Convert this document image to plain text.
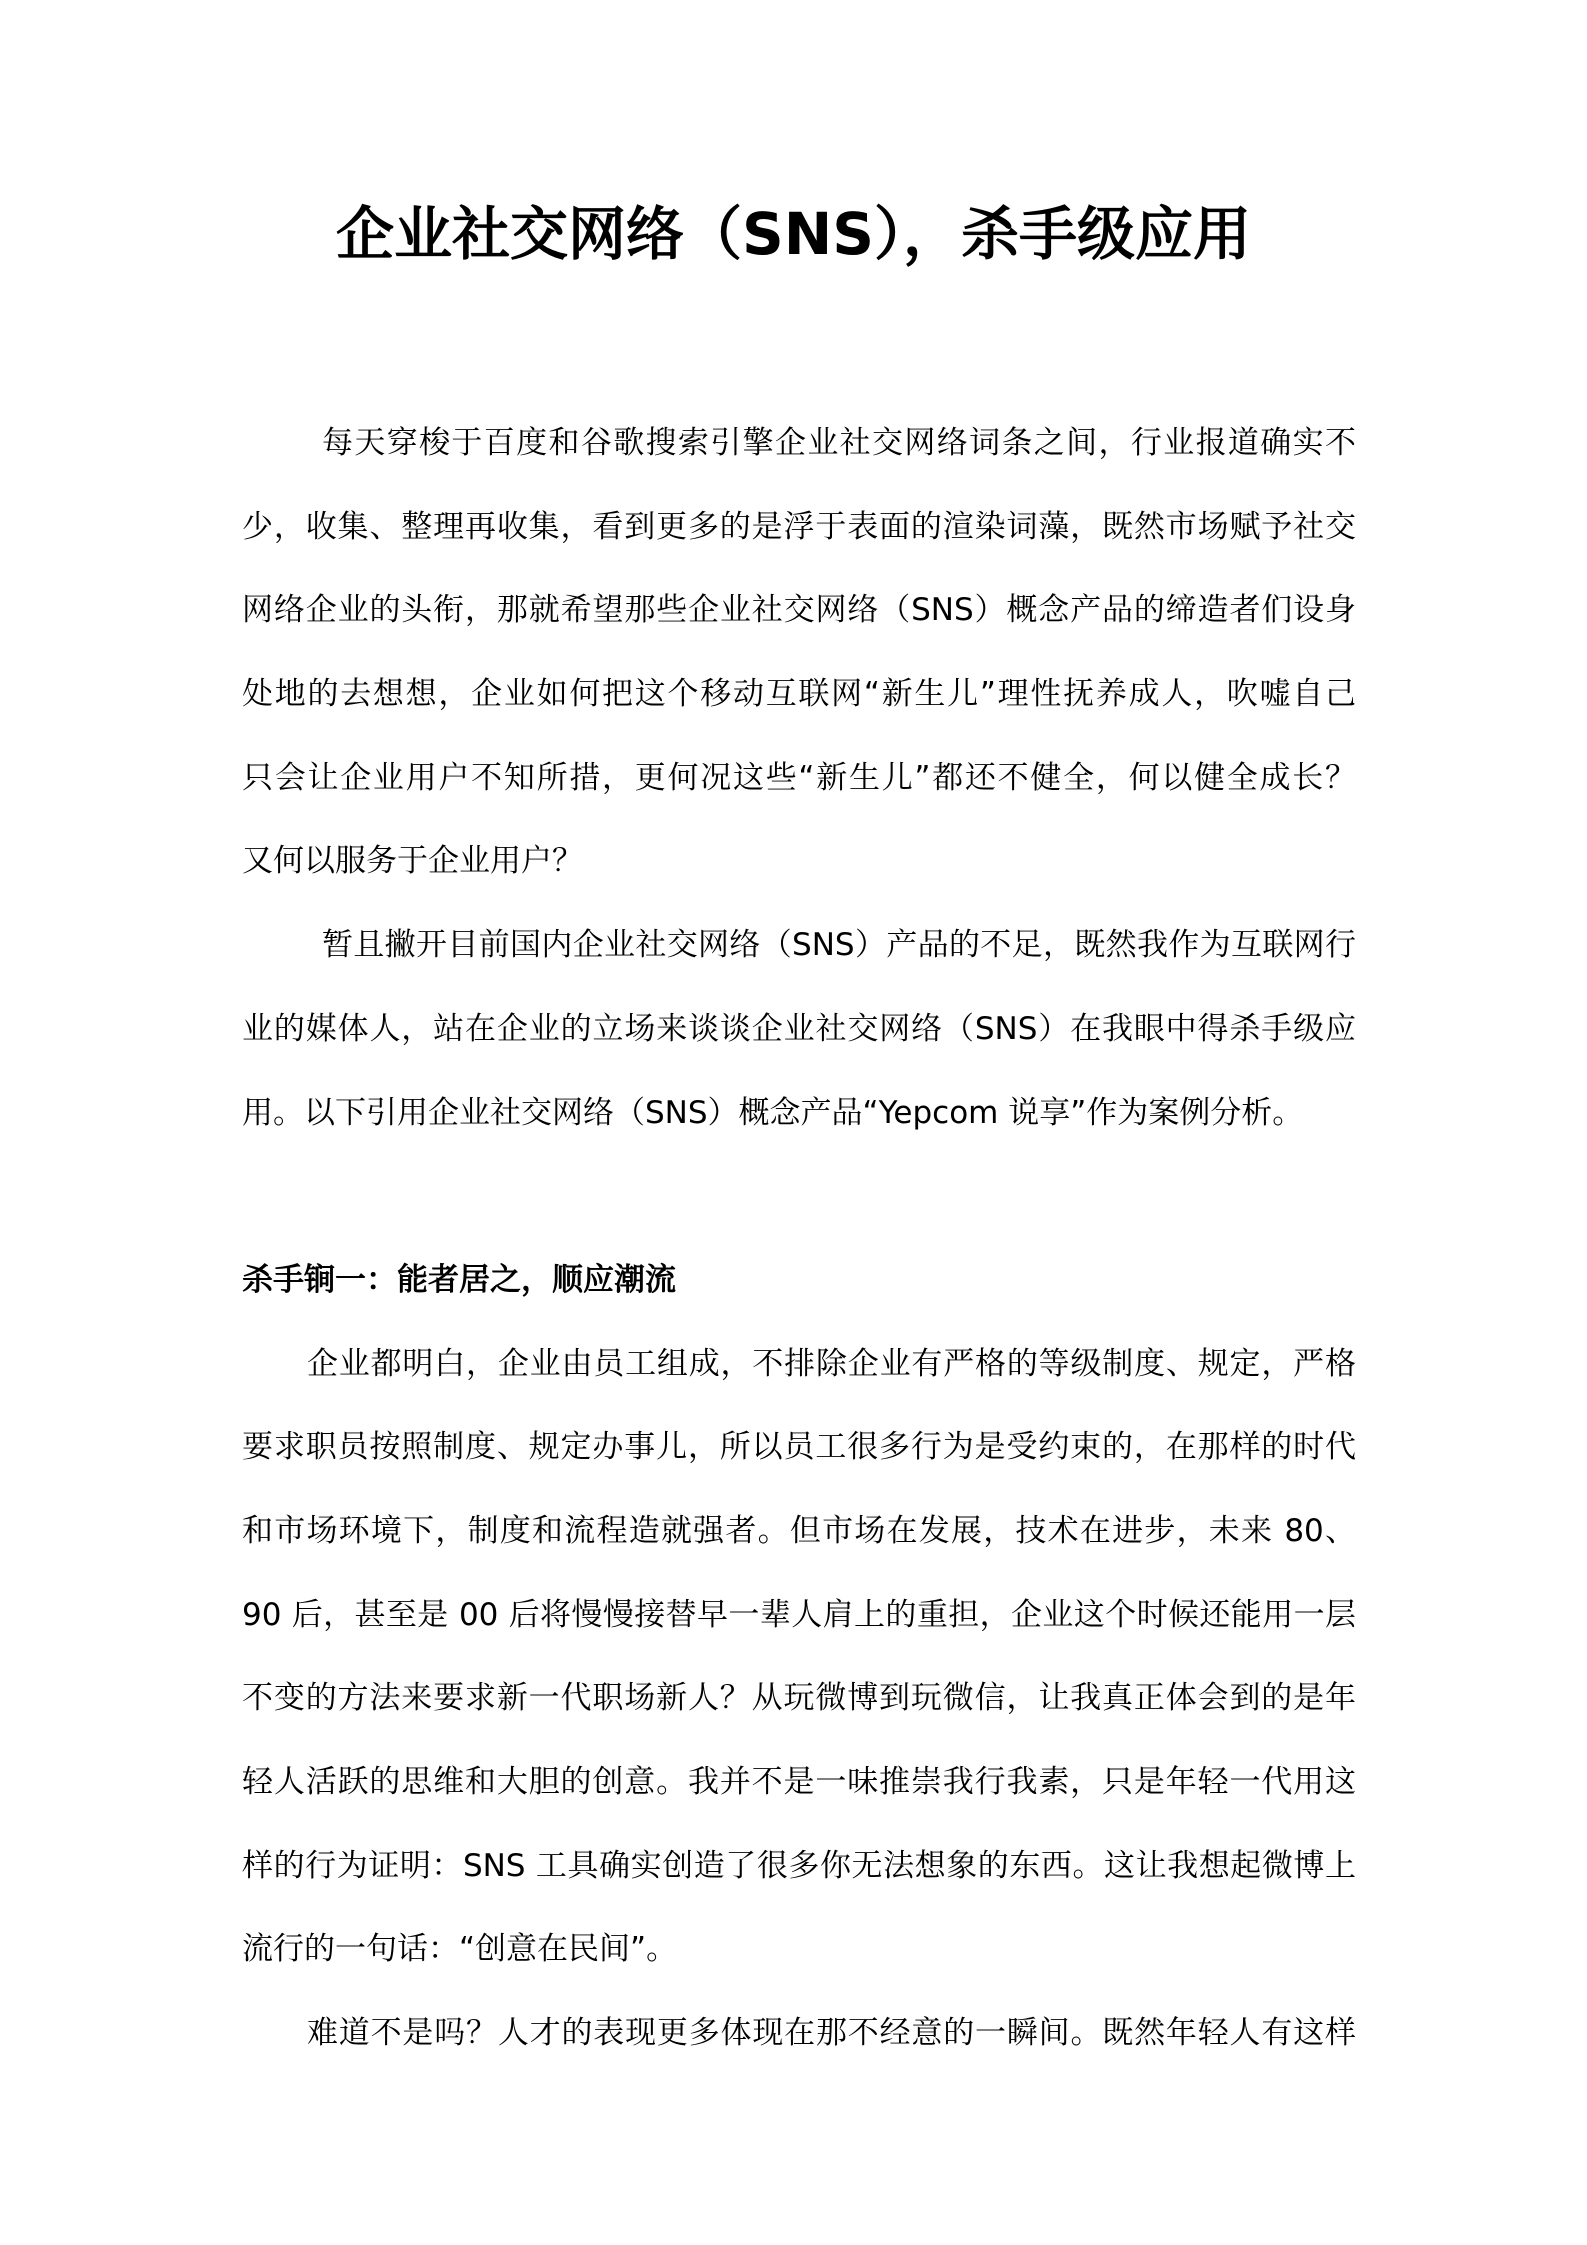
企业社交网络（SNS），杀手级应用
每天穿梭于百度和谷歌搜索引擎企业社交网络词条之间，行业报道确实不
少，收集、整理再收集，看到更多的是浮于表面的渲染词藻，既然市场赋予社交
网络企业的头衔，那就希望那些企业社交网络（SNS）概念产品的缔造者们设身
处地的去想想，企业如何把这个移动互联网“新生儿”理性抚养成人，吹嘘自己
只会让企业用户不知所措，更何况这些“新生儿”都还不健全，何以健全成长？
又何以服务于企业用户？
暂且撇开目前国内企业社交网络（SNS）产品的不足，既然我作为互联网行
业的媒体人，站在企业的立场来谈谈企业社交网络（SNS）在我眼中得杀手级应
用。以下引用企业社交网络（SNS）概念产品“Yepcom 说享”作为案例分析。
杀手锏一：能者居之，顺应潮流
企业都明白，企业由员工组成，不排除企业有严格的等级制度、规定，严格
要求职员按照制度、规定办事儿，所以员工很多行为是受约束的，在那样的时代
和市场环境下，制度和流程造就强者。但市场在发展，技术在进步，未来 80、
90 后，甚至是 00 后将慢慢接替早一辈人肩上的重担，企业这个时候还能用一层
不变的方法来要求新一代职场新人？从玩微博到玩微信，让我真正体会到的是年
轻人活跃的思维和大胆的创意。我并不是一味推崇我行我素，只是年轻一代用这
样的行为证明：SNS 工具确实创造了很多你无法想象的东西。这让我想起微博上
流行的一句话：“创意在民间”。
难道不是吗？人才的表现更多体现在那不经意的一瞬间。既然年轻人有这样
